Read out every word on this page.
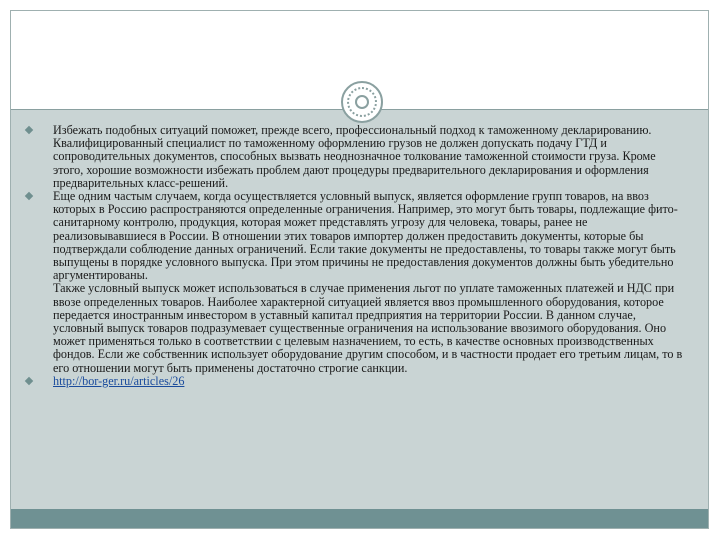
Избежать подобных ситуаций поможет, прежде всего, профессиональный подход к таможенному декларированию. Квалифицированный специалист по таможенному оформлению грузов не должен допускать подачу ГТД и сопроводительных документов, способных вызвать неоднозначное толкование таможенной стоимости груза. Кроме этого, хорошие возможности избежать проблем дают процедуры предварительного декларирования и оформления предварительных класс-решений.

Еще одним частым случаем, когда осуществляется условный выпуск, является оформление групп товаров, на ввоз которых в Россию распространяются определенные ограничения. Например, это могут быть товары, подлежащие фито-санитарному контролю, продукция, которая может представлять угрозу для человека, товары, ранее не реализовывавшиеся в России. В отношении этих товаров импортер должен предоставить документы, которые бы подтверждали соблюдение данных ограничений. Если такие документы не предоставлены, то товары также могут быть выпущены в порядке условного выпуска. При этом причины не предоставления документов должны быть убедительно аргументированы.

Также условный выпуск может использоваться в случае применения льгот по уплате таможенных платежей и НДС при ввозе определенных товаров. Наиболее характерной ситуацией является ввоз промышленного оборудования, которое передается иностранным инвестором в уставный капитал предприятия на территории России. В данном случае, условный выпуск товаров подразумевает существенные ограничения на использование ввозимого оборудования. Оно может применяться только в соответствии с целевым назначением, то есть, в качестве основных производственных фондов. Если же собственник использует оборудование другим способом, и в частности продает его третьим лицам, то в его отношении могут быть применены достаточно строгие санкции.

http://bor-ger.ru/articles/26
